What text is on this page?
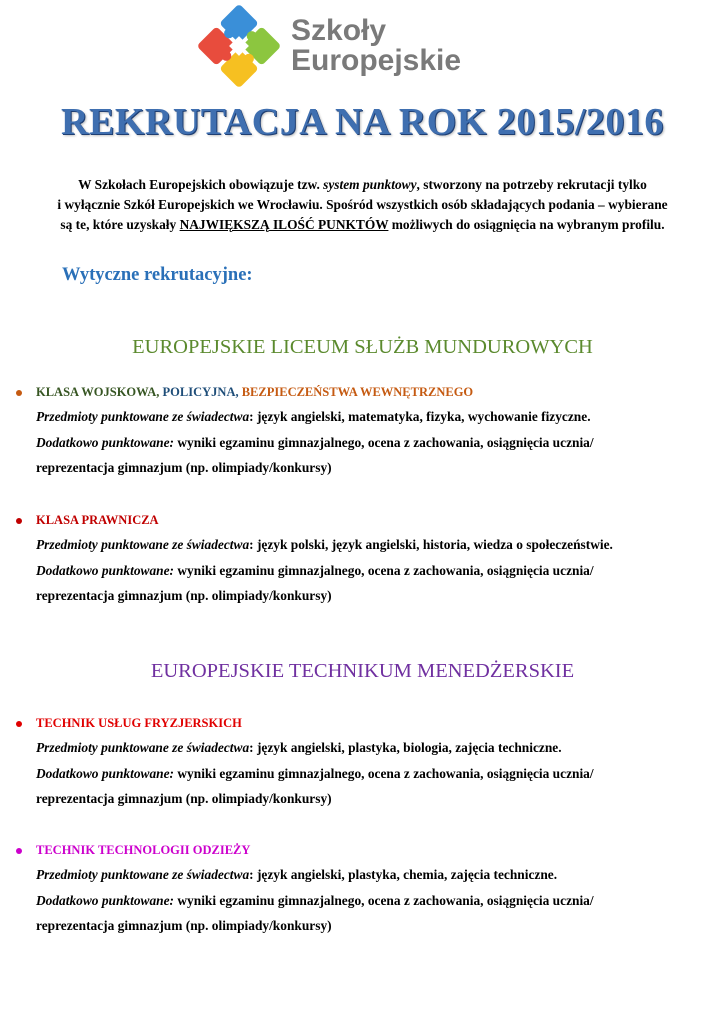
Szkoły
Europejskie
REKRUTACJA NA ROK 2015/2016
W Szkołach Europejskich obowiązuje tzw. system punktowy, stworzony na potrzeby rekrutacji tylko
i wyłącznie Szkół Europejskich we Wrocławiu. Spośród wszystkich osób składających podania – wybierane
są te, które uzyskały NAJWIĘKSZĄ ILOŚĆ PUNKTÓW możliwych do osiągnięcia na wybranym profilu.
Wytyczne rekrutacyjne:
EUROPEJSKIE LICEUM SŁUŻB MUNDUROWYCH
KLASA WOJSKOWA, POLICYJNA, BEZPIECZEŃSTWA WEWNĘTRZNEGO
Przedmioty punktowane ze świadectwa: język angielski, matematyka, fizyka, wychowanie fizyczne.
Dodatkowo punktowane: wyniki egzaminu gimnazjalnego, ocena z zachowania, osiągnięcia ucznia/
reprezentacja gimnazjum (np. olimpiady/konkursy)
KLASA PRAWNICZA
Przedmioty punktowane ze świadectwa: język polski, język angielski, historia, wiedza o społeczeństwie.
Dodatkowo punktowane: wyniki egzaminu gimnazjalnego, ocena z zachowania, osiągnięcia ucznia/
reprezentacja gimnazjum (np. olimpiady/konkursy)
EUROPEJSKIE TECHNIKUM MENEDŻERSKIE
TECHNIK USŁUG FRYZJERSKICH
Przedmioty punktowane ze świadectwa: język angielski, plastyka, biologia, zajęcia techniczne.
Dodatkowo punktowane: wyniki egzaminu gimnazjalnego, ocena z zachowania, osiągnięcia ucznia/
reprezentacja gimnazjum (np. olimpiady/konkursy)
TECHNIK TECHNOLOGII ODZIEŻY
Przedmioty punktowane ze świadectwa: język angielski, plastyka, chemia, zajęcia techniczne.
Dodatkowo punktowane: wyniki egzaminu gimnazjalnego, ocena z zachowania, osiągnięcia ucznia/
reprezentacja gimnazjum (np. olimpiady/konkursy)
